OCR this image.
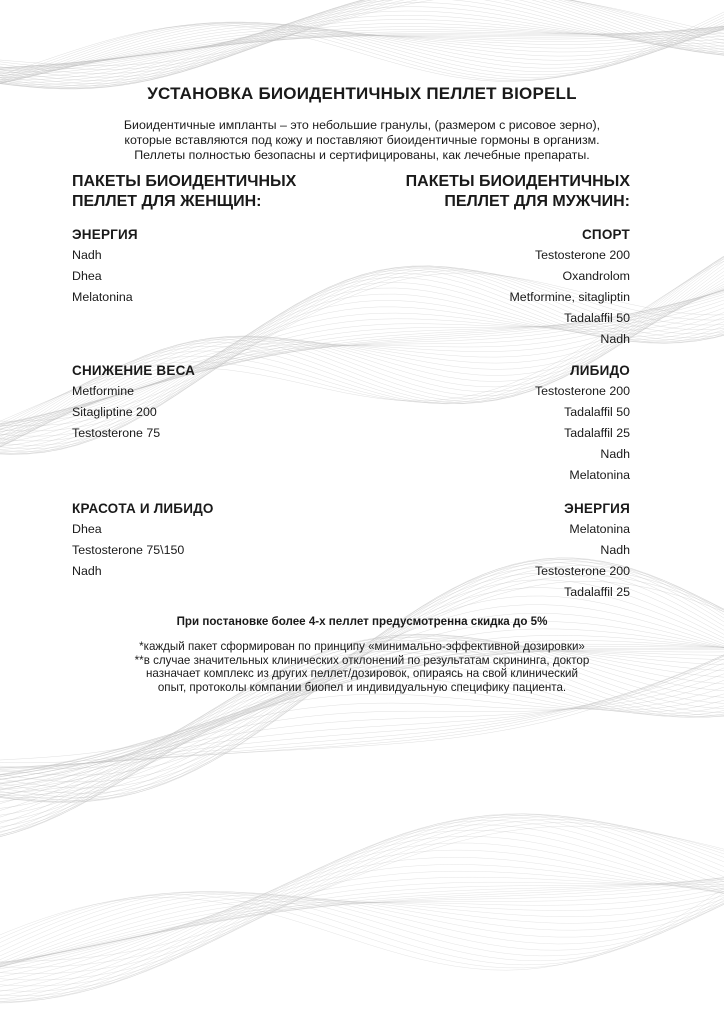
УСТАНОВКА БИОИДЕНТИЧНЫХ ПЕЛЛЕТ BIOPELL
Биоидентичные импланты – это небольшие гранулы, (размером с рисовое зерно),
которые вставляются под кожу и поставляют биоидентичные гормоны в организм.
Пеллеты полностью безопасны и сертифицированы, как лечебные препараты.
ПАКЕТЫ БИОИДЕНТИЧНЫХ
ПЕЛЛЕТ ДЛЯ ЖЕНЩИН:
ПАКЕТЫ БИОИДЕНТИЧНЫХ
ПЕЛЛЕТ ДЛЯ МУЖЧИН:
ЭНЕРГИЯ
Nadh
Dhea
Melatonina
СНИЖЕНИЕ ВЕСА
Metformine
Sitagliptine 200
Testosterone 75
КРАСОТА И ЛИБИДО
Dhea
Testosterone 75\150
Nadh
СПОРТ
Testosterone 200
Oxandrolom
Metformine, sitagliptin
Tadalaffil 50
Nadh
ЛИБИДО
Testosterone 200
Tadalaffil 50
Tadalaffil 25
Nadh
Melatonina
ЭНЕРГИЯ
Melatonina
Nadh
Testosterone 200
Tadalaffil 25
При постановке более 4-х пеллет предусмотренна скидка до 5%
*каждый пакет сформирован по принципу «минимально-эффективной дозировки»
**в случае значительных клинических отклонений по результатам скрининга, доктор
назначает комплекс из других пеллет/дозировок, опираясь на свой клинический
опыт, протоколы компании биопел и индивидуальную специфику пациента.
